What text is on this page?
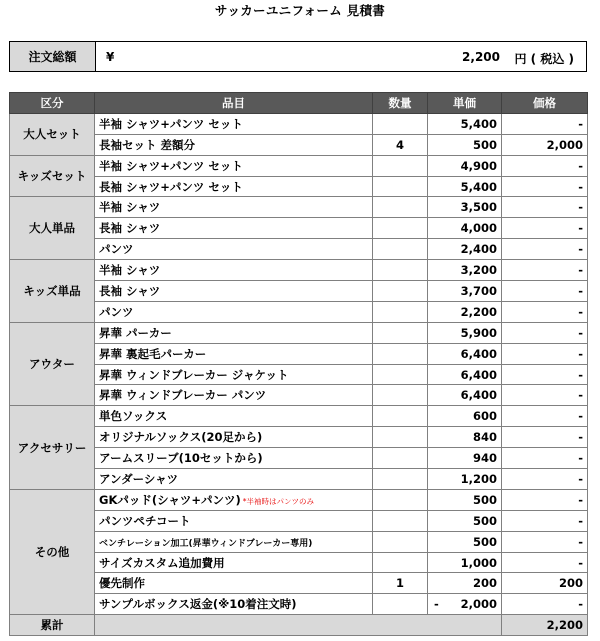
サッカーユニフォーム 見積書
注文総額	¥	2,200 円 ( 税込 )
区分	品目	数量	単価	価格
大人セット	半袖 シャツ+パンツ セット		5,400	-
	長袖セット 差額分	4	500	2,000
キッズセット	半袖 シャツ+パンツ セット		4,900	-
	長袖 シャツ+パンツ セット		5,400	-
大人単品	半袖 シャツ		3,500	-
	長袖 シャツ		4,000	-
	パンツ		2,400	-
キッズ単品	半袖 シャツ		3,200	-
	長袖 シャツ		3,700	-
	パンツ		2,200	-
アウター	昇華 パーカー		5,900	-
	昇華 裏起毛パーカー		6,400	-
	昇華 ウィンドブレーカー ジャケット		6,400	-
	昇華 ウィンドブレーカー パンツ		6,400	-
アクセサリー	単色ソックス		600	-
	オリジナルソックス(20足から)		840	-
	アームスリーブ(10セットから)		940	-
	アンダーシャツ		1,200	-
その他	GKパッド(シャツ+パンツ) *半袖時はパンツのみ		500	-
	パンツペチコート		500	-
	ベンチレーション加工(昇華ウィンドブレーカー専用)		500	-
	サイズカスタム追加費用		1,000	-
	優先制作	1	200	200
	サンプルボックス返金(※10着注文時)		- 2,000	-
累計				2,200
